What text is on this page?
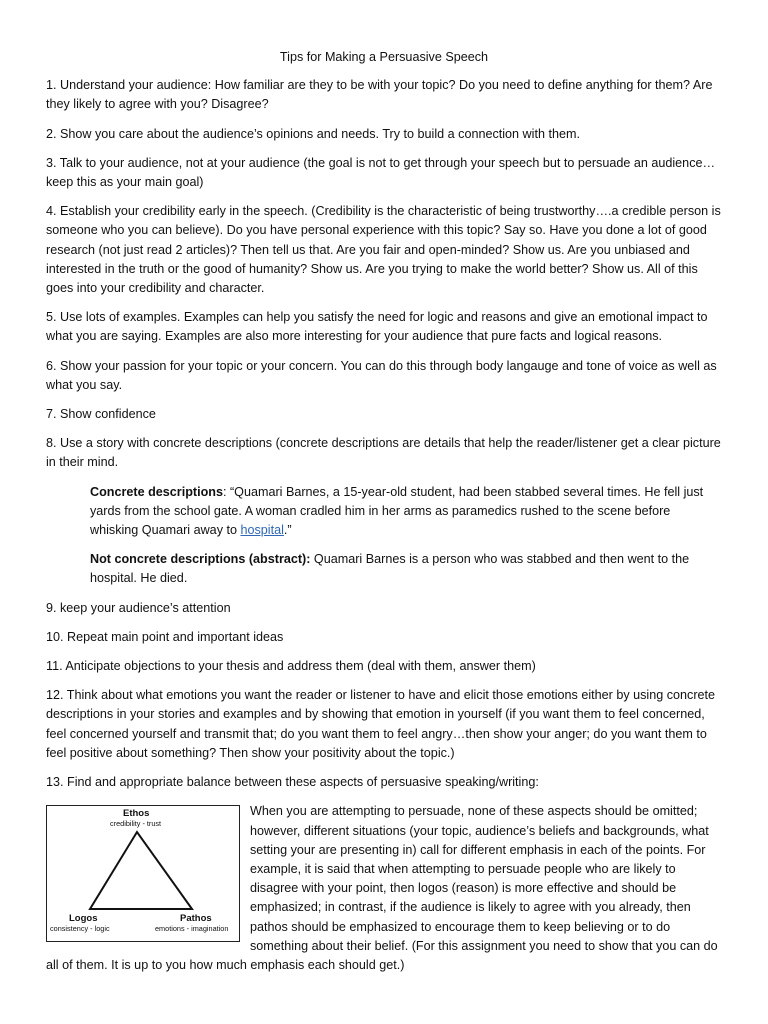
Tips for Making a Persuasive Speech

1. Understand your audience: How familiar are they to be with your topic? Do you need to define anything for them? Are they likely to agree with you? Disagree?

2. Show you care about the audience’s opinions and needs. Try to build a connection with them.

3. Talk to your audience, not at your audience (the goal is not to get through your speech but to persuade an audience…keep this as your main goal)

4. Establish your credibility early in the speech. (Credibility is the characteristic of being trustworthy….a credible person is someone who you can believe). Do you have personal experience with this topic? Say so. Have you done a lot of good research (not just read 2 articles)? Then tell us that. Are you fair and open-minded? Show us. Are you unbiased and interested in the truth or the good of humanity? Show us. Are you trying to make the world better? Show us. All of this goes into your credibility and character.

5. Use lots of examples. Examples can help you satisfy the need for logic and reasons and give an emotional impact to what you are saying. Examples are also more interesting for your audience that pure facts and logical reasons.

6. Show your passion for your topic or your concern. You can do this through body langauge and tone of voice as well as what you say.

7. Show confidence

8. Use a story with concrete descriptions (concrete descriptions are details that help the reader/listener get a clear picture in their mind.

Concrete descriptions: “Quamari Barnes, a 15-year-old student, had been stabbed several times. He fell just yards from the school gate. A woman cradled him in her arms as paramedics rushed to the scene before whisking Quamari away to hospital.”

Not concrete descriptions (abstract): Quamari Barnes is a person who was stabbed and then went to the hospital. He died.

9. keep your audience’s attention

10. Repeat main point and important ideas

11. Anticipate objections to your thesis and address them (deal with them, answer them)

12. Think about what emotions you want the reader or listener to have and elicit those emotions either by using concrete descriptions in your stories and examples and by showing that emotion in yourself (if you want them to feel concerned, feel concerned yourself and transmit that; do you want them to feel angry…then show your anger; do you want them to feel positive about something? Then show your positivity about the topic.)

13. Find and appropriate balance between these aspects of persuasive speaking/writing:

Ethos
credibility - trust
Logos
consistency - logic
Pathos
emotions - imagination

When you are attempting to persuade, none of these aspects should be omitted; however, different situations (your topic, audience’s beliefs and backgrounds, what setting your are presenting in) call for different emphasis in each of the points. For example, it is said that when attempting to persuade people who are likely to disagree with your point, then logos (reason) is more effective and should be emphasized; in contrast, if the audience is likely to agree with you already, then pathos should be emphasized to encourage them to keep believing or to do something about their belief. (For this assignment you need to show that you can do all of them. It is up to you how much emphasis each should get.)
